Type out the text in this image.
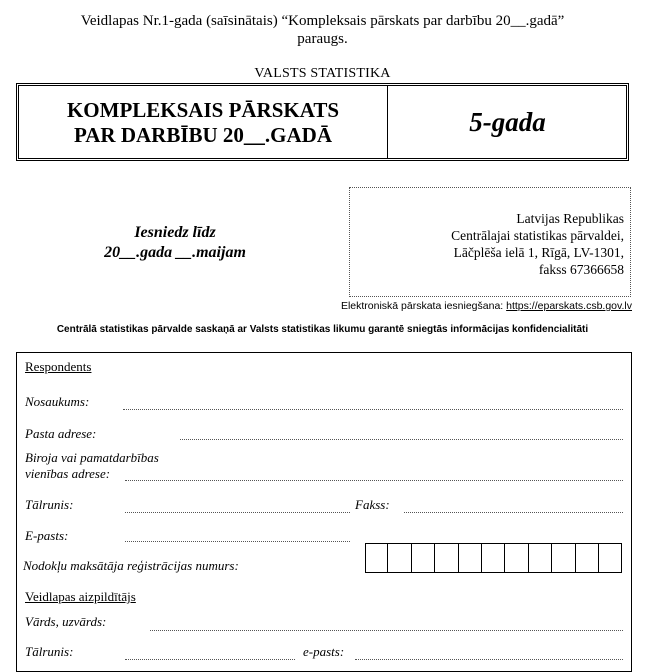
Veidlapas Nr.1-gada (saīsinātais) “Kompleksais pārskats par darbību 20__.gadā”
paraugs.
VALSTS STATISTIKA
KOMPLEKSAIS PĀRSKATS
PAR DARBĪBU 20__.GADĀ	5-gada
Iesniedz līdz
20__.gada __.maijam
Latvijas Republikas
Centrālajai statistikas pārvaldei,
Lāčplēša ielā 1, Rīgā, LV-1301,
fakss 67366658
Elektroniskā pārskata iesniegšana: https://eparskats.csb.gov.lv
Centrālā statistikas pārvalde saskaņā ar Valsts statistikas likumu garantē sniegtās informācijas konfidencialitāti
Respondents
Nosaukums:
Pasta adrese:
Biroja vai pamatdarbības
vienības adrese:
Tālrunis:	Fakss:
E-pasts:
Nodokļu maksātāja reģistrācijas numurs:
Veidlapas aizpildītājs
Vārds, uzvārds:
Tālrunis:	e-pasts:
